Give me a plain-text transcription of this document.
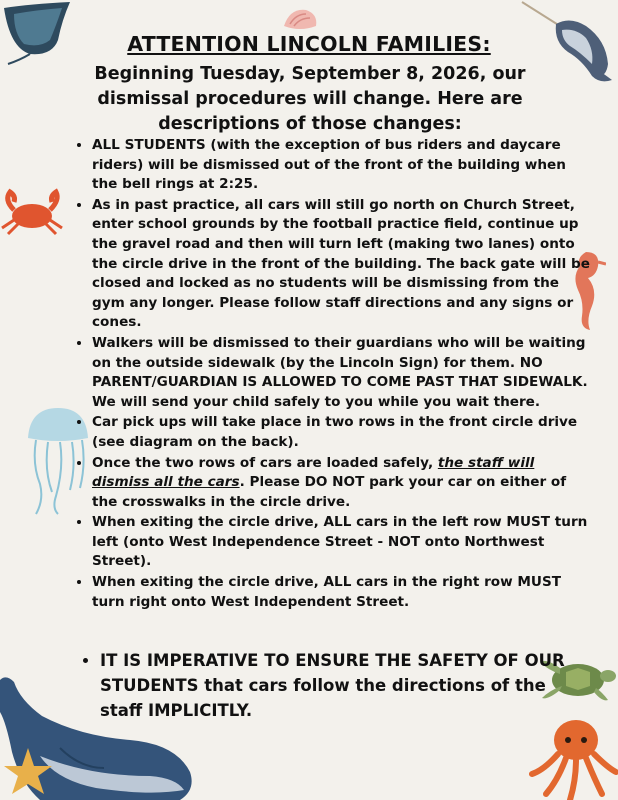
ATTENTION LINCOLN FAMILIES:
Beginning Tuesday, September 8, 2026, our dismissal procedures will change. Here are descriptions of those changes:
• ALL STUDENTS (with the exception of bus riders and daycare riders) will be dismissed out of the front of the building when the bell rings at 2:25.
• As in past practice, all cars will still go north on Church Street, enter school grounds by the football practice field, continue up the gravel road and then will turn left (making two lanes) onto the circle drive in the front of the building. The back gate will be closed and locked as no students will be dismissing from the gym any longer. Please follow staff directions and any signs or cones.
• Walkers will be dismissed to their guardians who will be waiting on the outside sidewalk (by the Lincoln Sign) for them. NO PARENT/GUARDIAN IS ALLOWED TO COME PAST THAT SIDEWALK. We will send your child safely to you while you wait there.
• Car pick ups will take place in two rows in the front circle drive (see diagram on the back).
• Once the two rows of cars are loaded safely, the staff will dismiss all the cars. Please DO NOT park your car on either of the crosswalks in the circle drive.
• When exiting the circle drive, ALL cars in the left row MUST turn left (onto West Independence Street - NOT onto Northwest Street).
• When exiting the circle drive, ALL cars in the right row MUST turn right onto West Independent Street.
• IT IS IMPERATIVE TO ENSURE THE SAFETY OF OUR STUDENTS that cars follow the directions of the staff IMPLICITLY.
